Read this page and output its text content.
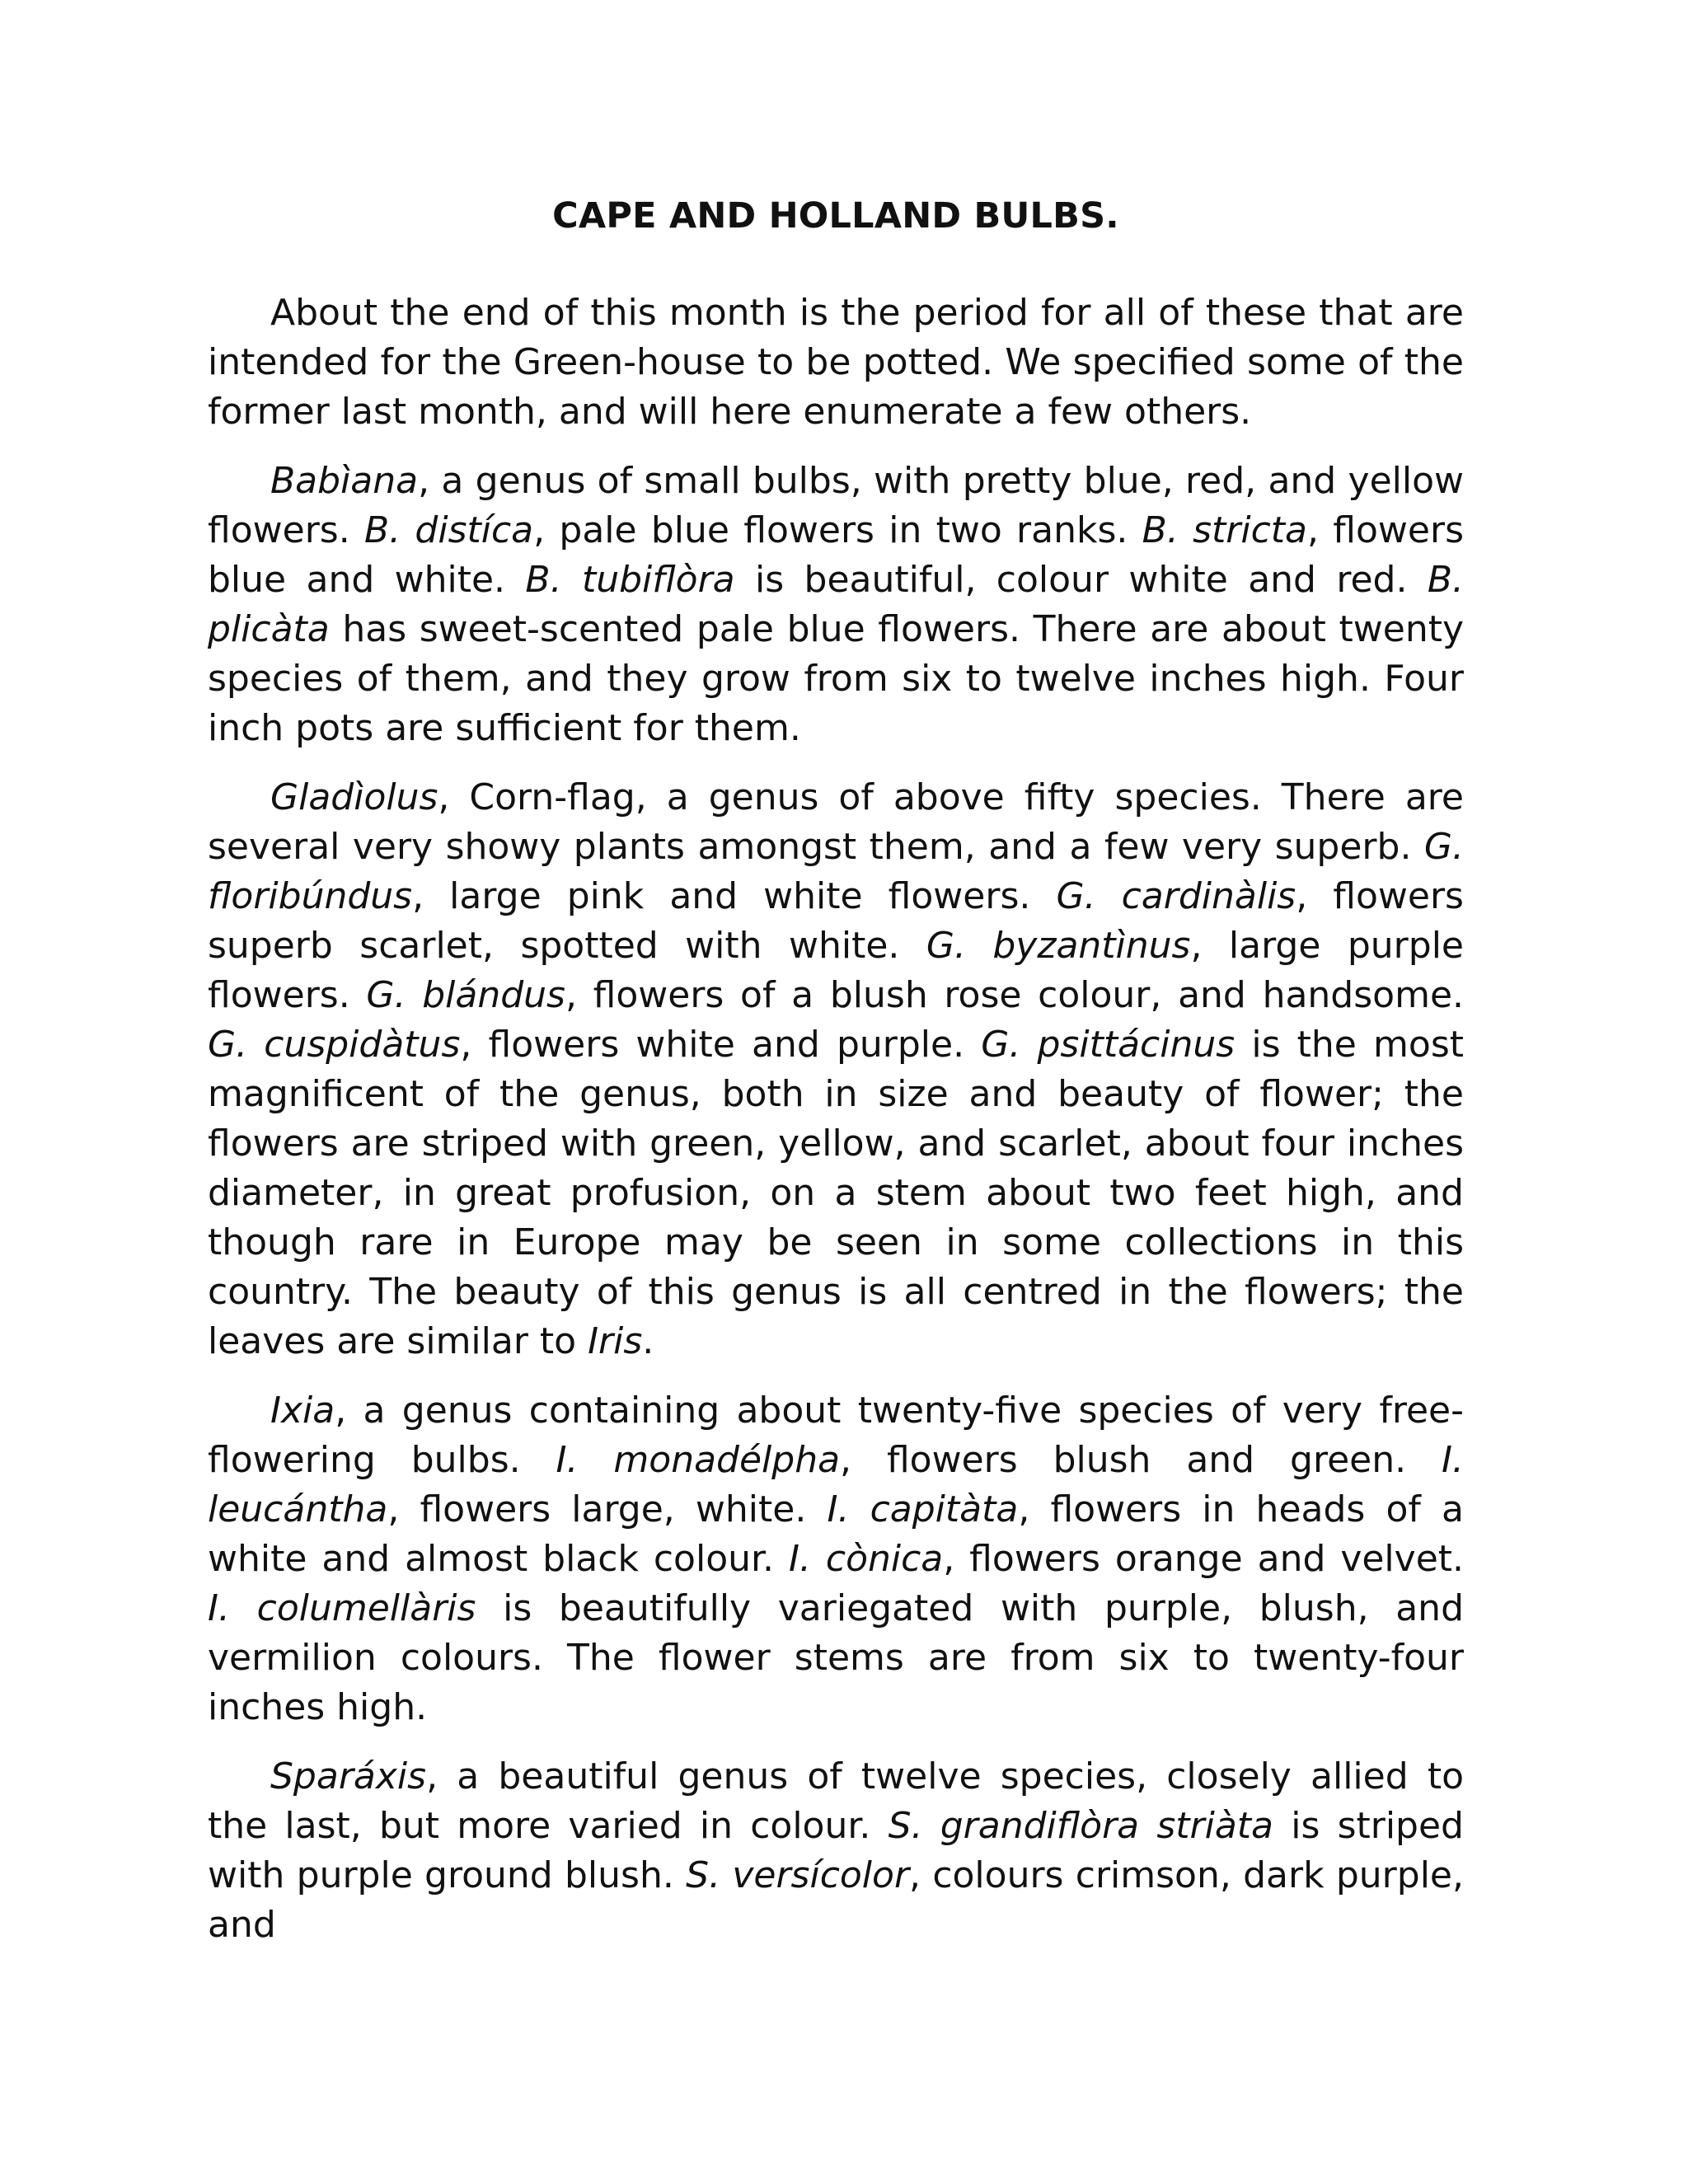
CAPE AND HOLLAND BULBS.

About the end of this month is the period for all of these that are intended for the Green-house to be potted. We specified some of the former last month, and will here enumerate a few others.

Babìana, a genus of small bulbs, with pretty blue, red, and yellow flowers. B. distíca, pale blue flowers in two ranks. B. stricta, flowers blue and white. B. tubiflòra is beautiful, colour white and red. B. plicàta has sweet-scented pale blue flowers. There are about twenty species of them, and they grow from six to twelve inches high. Four inch pots are sufficient for them.

Gladìolus, Corn-flag, a genus of above fifty species. There are several very showy plants amongst them, and a few very superb. G. floribúndus, large pink and white flowers. G. cardinàlis, flowers superb scarlet, spotted with white. G. byzantìnus, large purple flowers. G. blándus, flowers of a blush rose colour, and handsome. G. cuspidàtus, flowers white and purple. G. psittácinus is the most magnificent of the genus, both in size and beauty of flower; the flowers are striped with green, yellow, and scarlet, about four inches diameter, in great profusion, on a stem about two feet high, and though rare in Europe may be seen in some collections in this country. The beauty of this genus is all centred in the flowers; the leaves are similar to Iris.

Ixia, a genus containing about twenty-five species of very free-flowering bulbs. I. monadélpha, flowers blush and green. I. leucántha, flowers large, white. I. capitàta, flowers in heads of a white and almost black colour. I. cònica, flowers orange and velvet. I. columellàris is beautifully variegated with purple, blush, and vermilion colours. The flower stems are from six to twenty-four inches high.

Sparáxis, a beautiful genus of twelve species, closely allied to the last, but more varied in colour. S. grandiflòra striàta is striped with purple ground blush. S. versícolor, colours crimson, dark purple, and
